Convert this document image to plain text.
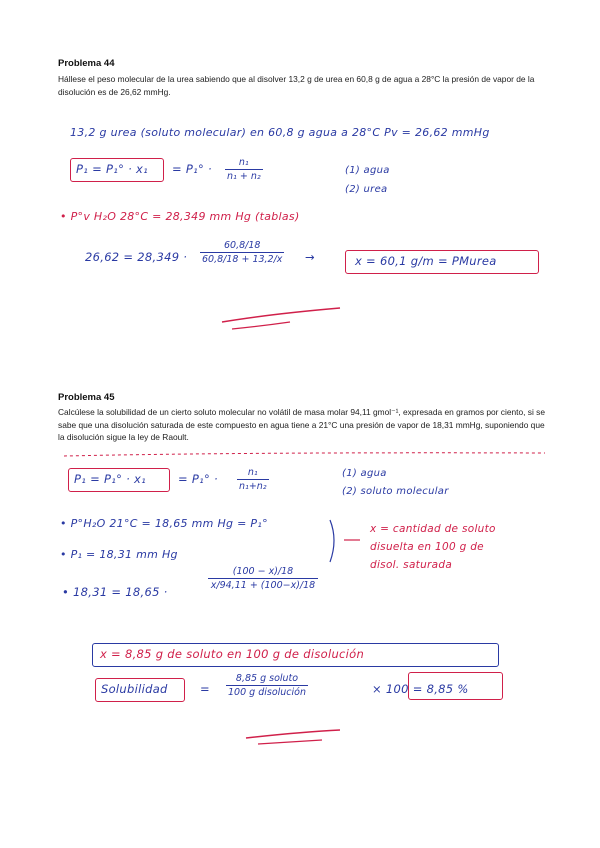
Problema 44
Hállese el peso molecular de la urea sabiendo que al disolver 13,2 g de urea en 60,8 g de agua a 28°C la presión de vapor de la disolución es de 26,62 mmHg.
13,2 g urea (soluto molecular) en 60,8 g agua a 28°C Pv = 26,62 mmHg
$P_1 = P_1^\circ \cdot x_1 = P_1^\circ \cdot \frac{\text{n₁}}{\text{n₁ + n₂}}$	(1) agua
(2) urea
• P°v H₂O 28°C = 28,349 mm Hg (tablas)
$26,62 = 28,349 \cdot \frac{60,8/18}{60,8/18 + 13,2/x}$ →	x = 60,1 g/m = PMurea
Problema 45
Calcúlese la solubilidad de un cierto soluto molecular no volátil de masa molar 94,11 gmol⁻¹, expresada en gramos por ciento, si se sabe que una disolución saturada de este compuesto en agua tiene a 21°C una presión de vapor de 18,31 mmHg, suponiendo que la disolución sigue la ley de Raoult.
P₁ = P₁° · x₁	= $P_1^\circ \cdot \frac{\text{n₁}}{\text{n₁+n₂}}$	(1) agua
(2) soluto molecular
• P°H₂O 21°C = 18,65 mm Hg = P₁°
• P₁ = 18,31 mm Hg
x = cantidad de soluto
disuelta en 100 g de
disol. saturada
• 18,31 = 18,65 ·
$\frac{(100 - x)/18}{x/94,11 + (100-x)/18}$
x = 8,85 g de soluto en 100 g de disolución
Solubilidad	=
8,85 g soluto
100 g disolución	× 100 = 8,85 %
